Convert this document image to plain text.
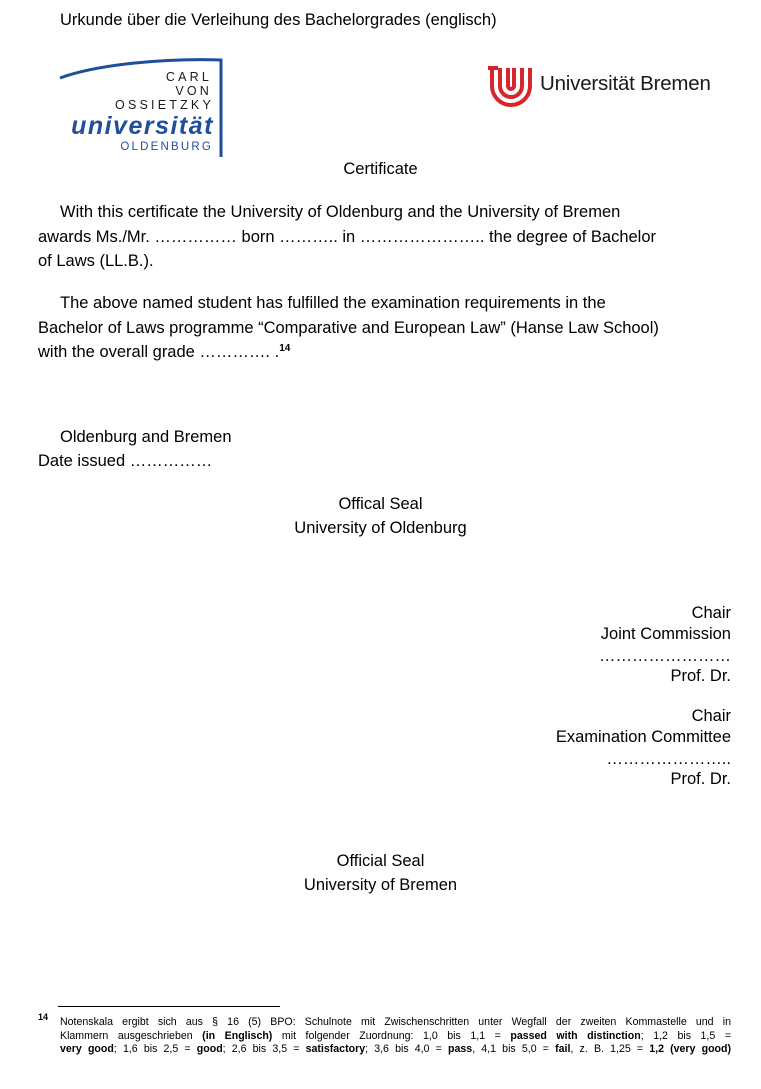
Urkunde über die Verleihung des Bachelorgrades (englisch)
CARL
VON
OSSIETZKY
universität
OLDENBURG
Universität Bremen
Certificate
With this certificate the University of Oldenburg and the University of Bremen
awards Ms./Mr. …………… born ……….. in ………………….. the degree of Bachelor
of Laws (LL.B.).
The above named student has fulfilled the examination requirements in the
Bachelor of Laws programme “Comparative and European Law” (Hanse Law School)
with the overall grade …………. .$^{14}$
Oldenburg and Bremen
Date issued ……………
Offical Seal
University of Oldenburg
Chair
Joint Commission
……………………
Prof. Dr.
Chair
Examination Committee
…………………..
Prof. Dr.
Official Seal
University of Bremen
14 Notenskala ergibt sich aus § 16 (5) BPO: Schulnote mit Zwischenschritten unter Wegfall der zweiten Kommastelle und in
Klammern ausgeschrieben (in Englisch) mit folgender Zuordnung: 1,0 bis 1,1 = passed with distinction; 1,2 bis 1,5 =
very good; 1,6 bis 2,5 = good; 2,6 bis 3,5 = satisfactory; 3,6 bis 4,0 = pass, 4,1 bis 5,0 = fail, z. B. 1,25 = 1,2 (very good)
